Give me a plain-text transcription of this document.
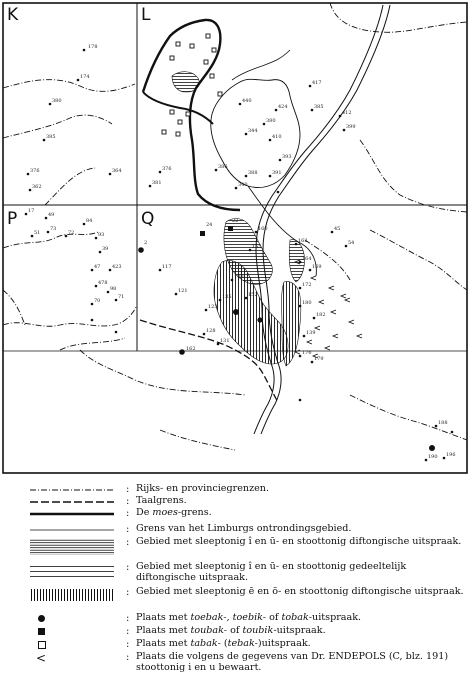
K	L
P	Q
178
174
380
385
376
362
364
440
424
380
344
410
417
385
412
399
393
391
388
386
381
376
340
17
49
51
73
72
84
93
39
47 423
478
98
70
71
117
121
123
128
131
135
140
152
155
160
162
164
169
172
180
182
2
24
22
45
54
139
162
176
179
188
190 196
: Rijks- en provinciegrenzen.
: Taalgrens.
: De moes-grens.
: Grens van het Limburgs ontrondingsgebied.
: Gebied met sleeptonig î en ū- en stoottonig diftongische uitspraak.
: Gebied met sleeptonig î en ū- en stoottonig gedeeltelijk diftongische uitspraak.
: Gebied met sleeptonig ē en ō- en stoottonig diftongische uitspraak.
: Plaats met toebak-, toebik- of tobak-uitspraak.
: Plaats met toubak- of toubik-uitspraak.
: Plaats met tabak- (tebak-)uitspraak.
<	: Plaats die volgens de gegevens van Dr. ENDEPOLS (C, blz. 191) stoottonig i en u bewaart.
